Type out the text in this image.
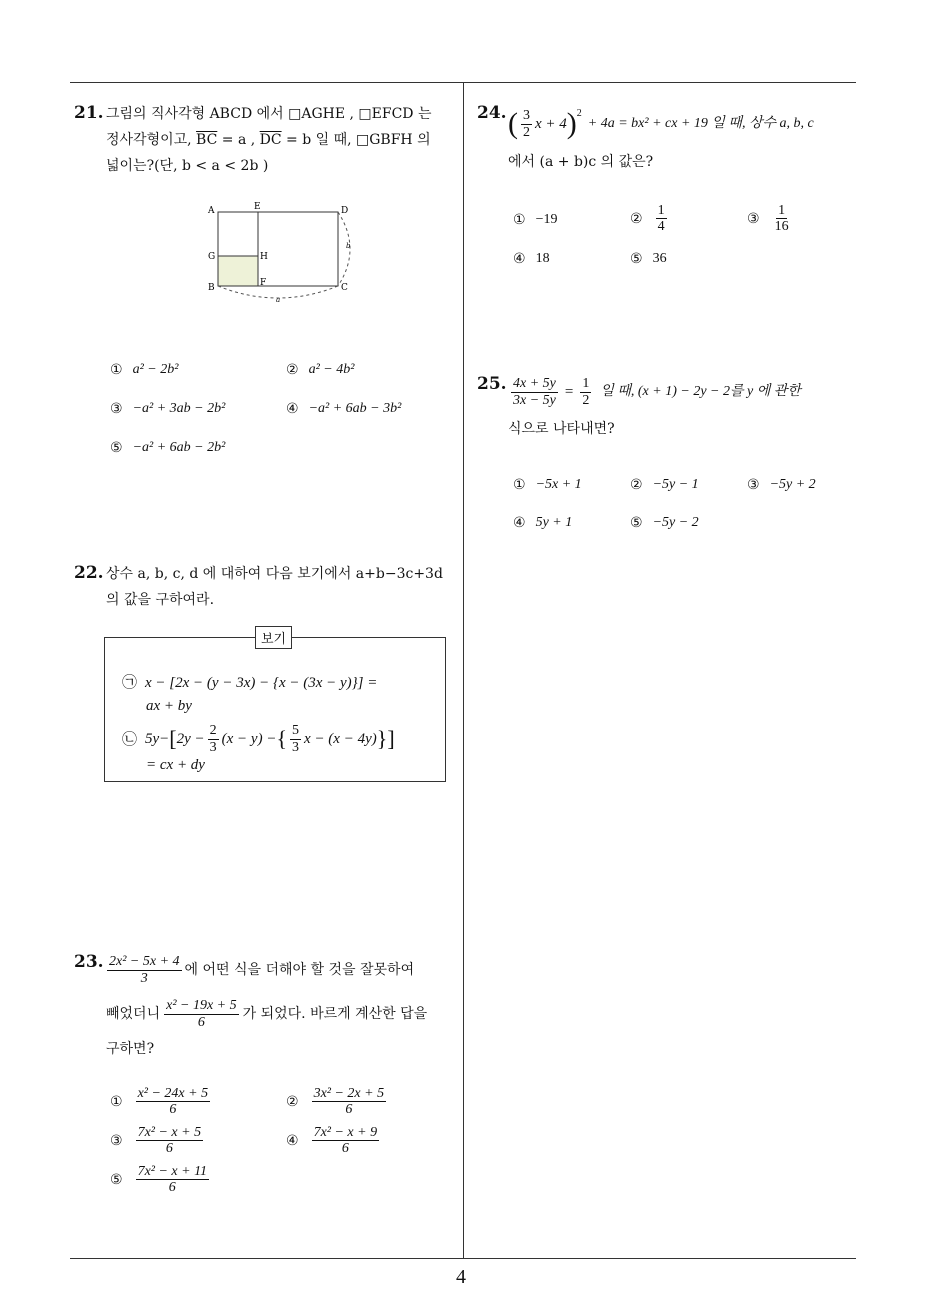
4
21. 그림의 직사각형 ABCD 에서 □AGHE , □EFCD 는
정사각형이고, $\overline{BC} = a$ , $\overline{DC} = b$ 일 때, □GBFH 의
넓이는?(단, b < a < 2b )
A	E	D
G	H
B	F	C
a
b
① a² − 2b²	② a² − 4b²
③ −a² + 3ab − 2b²	④ −a² + 6ab − 3b²
⑤ −a² + 6ab − 2b²
22. 상수 a, b, c, d 에 대하여 다음 보기에서 a+b−3c+3d
의 값을 구하여라.
보기
㉠ x − [2x − (y − 3x) − {x − (3x − y)}] =
ax + by
㉡ 5y− [ $2y - \frac{2}{3} (x - y)$ − { $\frac{5}{3}$ x − (x − 4y) } ]
= cx + dy
23. $\frac{\text{2x² − 5x + 4}}{3}$ 에 어떤 식을 더해야 할 것을 잘못하여
빼었더니 $\frac{\text{x² − 19x + 5}}{6}$ 가 되었다. 바르게 계산한 답을
구하면?
① $\frac{\text{x² − 24x + 5}}{6}$	② $\frac{\text{3x² − 2x + 5}}{6}$
③ $\frac{\text{7x² − x + 5}}{6}$	④ $\frac{\text{7x² − x + 9}}{6}$
⑤ $\frac{\text{7x² − x + 11}}{6}$
24. ( $\frac{3}{2}$ x + 4 )$^2$
+ 4a = bx² + cx + 19 일 때, 상수 a, b, c
에서 (a + b)c 의 값은?
① −19	② $\frac{1}{4}$	③ $\frac{1}{16}$
④ 18	⑤ 36
25. $\frac{4x + 5y}{3x - 5y} = \frac{1}{2}$ 일 때, (x + 1) − 2y − 2를 y 에 관한
식으로 나타내면?
① −5x + 1	② −5y − 1	③ −5y + 2
④ 5y + 1	⑤ −5y − 2
